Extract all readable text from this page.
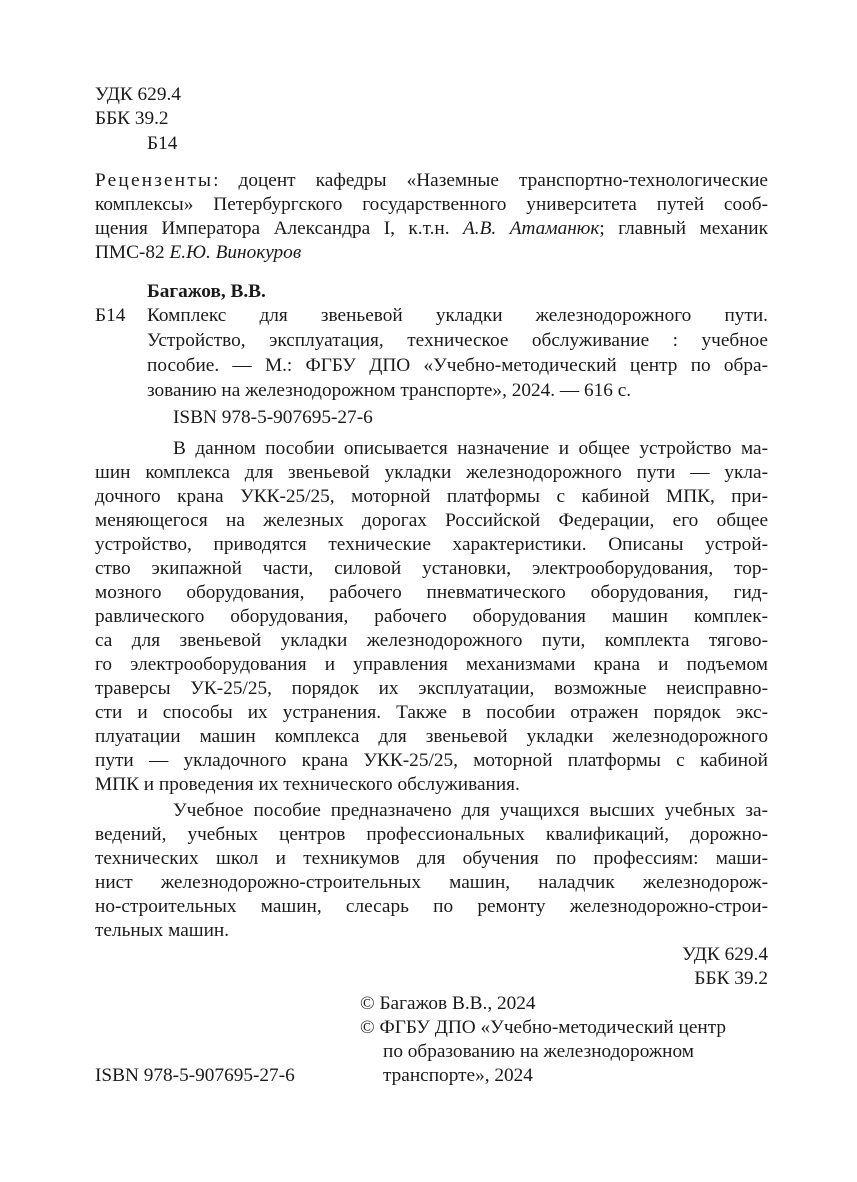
УДК 629.4
ББК 39.2
Б14
Рецензенты: доцент кафедры «Наземные транспортно-технологические
комплексы» Петербургского государственного университета путей сооб-
щения Императора Александра I, к.т.н. А.В. Атаманюк; главный механик
ПМС-82 Е.Ю. Винокуров
Багажов, В.В.
Б14 Комплекс для звеньевой укладки железнодорожного пути.
Устройство, эксплуатация, техническое обслуживание : учебное
пособие. — М.: ФГБУ ДПО «Учебно-методический центр по обра-
зованию на железнодорожном транспорте», 2024. — 616 с.
ISBN 978-5-907695-27-6
В данном пособии описывается назначение и общее устройство ма-
шин комплекса для звеньевой укладки железнодорожного пути — укла-
дочного крана УКК-25/25, моторной платформы с кабиной МПК, при-
меняющегося на железных дорогах Российской Федерации, его общее
устройство, приводятся технические характеристики. Описаны устрой-
ство экипажной части, силовой установки, электрооборудования, тор-
мозного оборудования, рабочего пневматического оборудования, гид-
равлического оборудования, рабочего оборудования машин комплек-
са для звеньевой укладки железнодорожного пути, комплекта тягово-
го электрооборудования и управления механизмами крана и подъемом
траверсы УК-25/25, порядок их эксплуатации, возможные неисправно-
сти и способы их устранения. Также в пособии отражен порядок экс-
плуатации машин комплекса для звеньевой укладки железнодорожного
пути — укладочного крана УКК-25/25, моторной платформы с кабиной
МПК и проведения их технического обслуживания.
Учебное пособие предназначено для учащихся высших учебных за-
ведений, учебных центров профессиональных квалификаций, дорожно-
технических школ и техникумов для обучения по профессиям: маши-
нист железнодорожно-строительных машин, наладчик железнодорож-
но-строительных машин, слесарь по ремонту железнодорожно-строи-
тельных машин.
УДК 629.4
ББК 39.2
© Багажов В.В., 2024
© ФГБУ ДПО «Учебно-методический центр
по образованию на железнодорожном
транспорте», 2024
ISBN 978-5-907695-27-6
